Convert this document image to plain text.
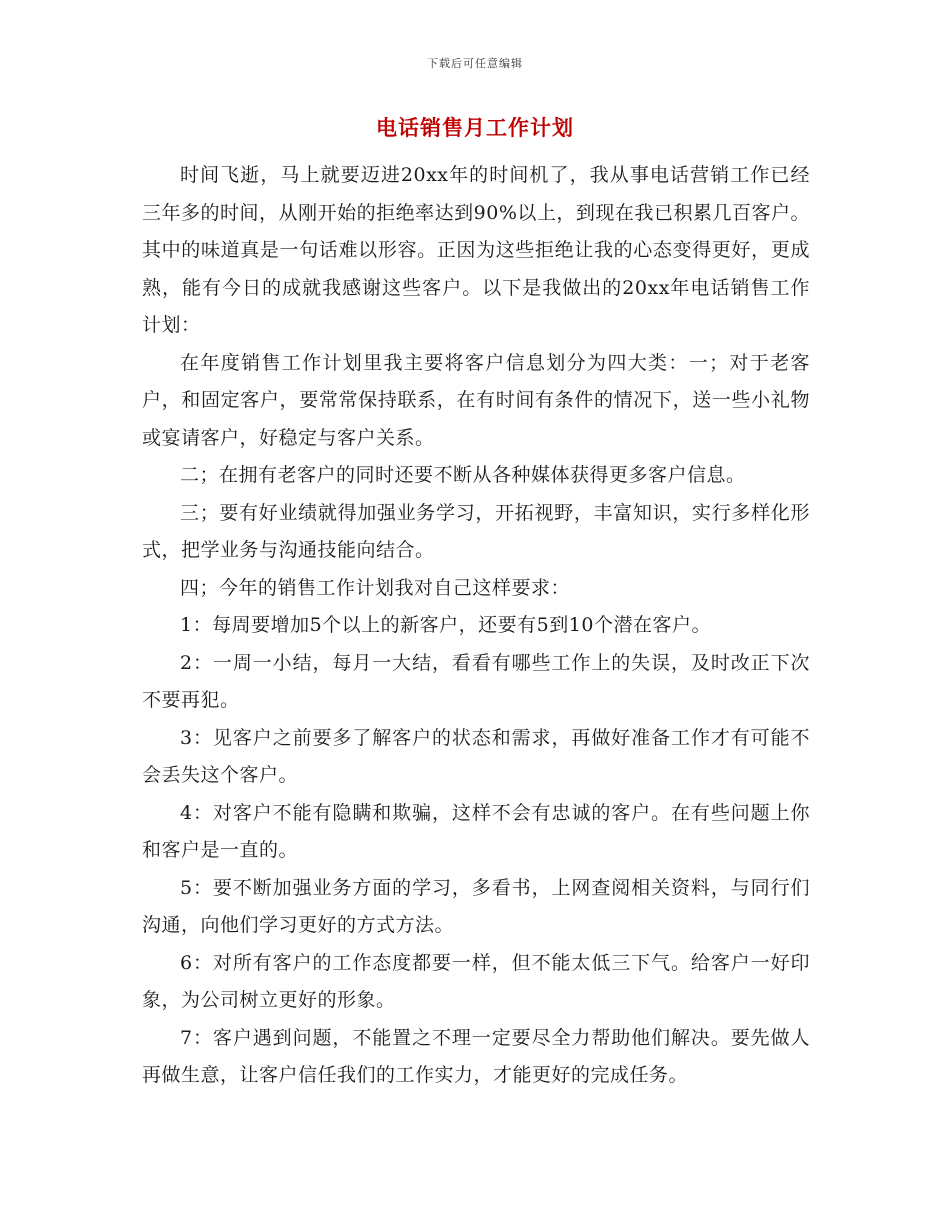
下载后可任意编辑
电话销售月工作计划

时间飞逝，马上就要迈进20xx年的时间机了，我从事电话营销工作已经三年多的时间，从刚开始的拒绝率达到90%以上，到现在我已积累几百客户。其中的味道真是一句话难以形容。正因为这些拒绝让我的心态变得更好，更成熟，能有今日的成就我感谢这些客户。以下是我做出的20xx年电话销售工作计划：

在年度销售工作计划里我主要将客户信息划分为四大类：一；对于老客户，和固定客户，要常常保持联系，在有时间有条件的情况下，送一些小礼物或宴请客户，好稳定与客户关系。

二；在拥有老客户的同时还要不断从各种媒体获得更多客户信息。

三；要有好业绩就得加强业务学习，开拓视野，丰富知识，实行多样化形式，把学业务与沟通技能向结合。

四；今年的销售工作计划我对自己这样要求：

1：每周要增加5个以上的新客户，还要有5到10个潜在客户。

2：一周一小结，每月一大结，看看有哪些工作上的失误，及时改正下次不要再犯。

3：见客户之前要多了解客户的状态和需求，再做好准备工作才有可能不会丢失这个客户。

4：对客户不能有隐瞒和欺骗，这样不会有忠诚的客户。在有些问题上你和客户是一直的。

5：要不断加强业务方面的学习，多看书，上网查阅相关资料，与同行们沟通，向他们学习更好的方式方法。

6：对所有客户的工作态度都要一样，但不能太低三下气。给客户一好印象，为公司树立更好的形象。

7：客户遇到问题，不能置之不理一定要尽全力帮助他们解决。要先做人再做生意，让客户信任我们的工作实力，才能更好的完成任务。
